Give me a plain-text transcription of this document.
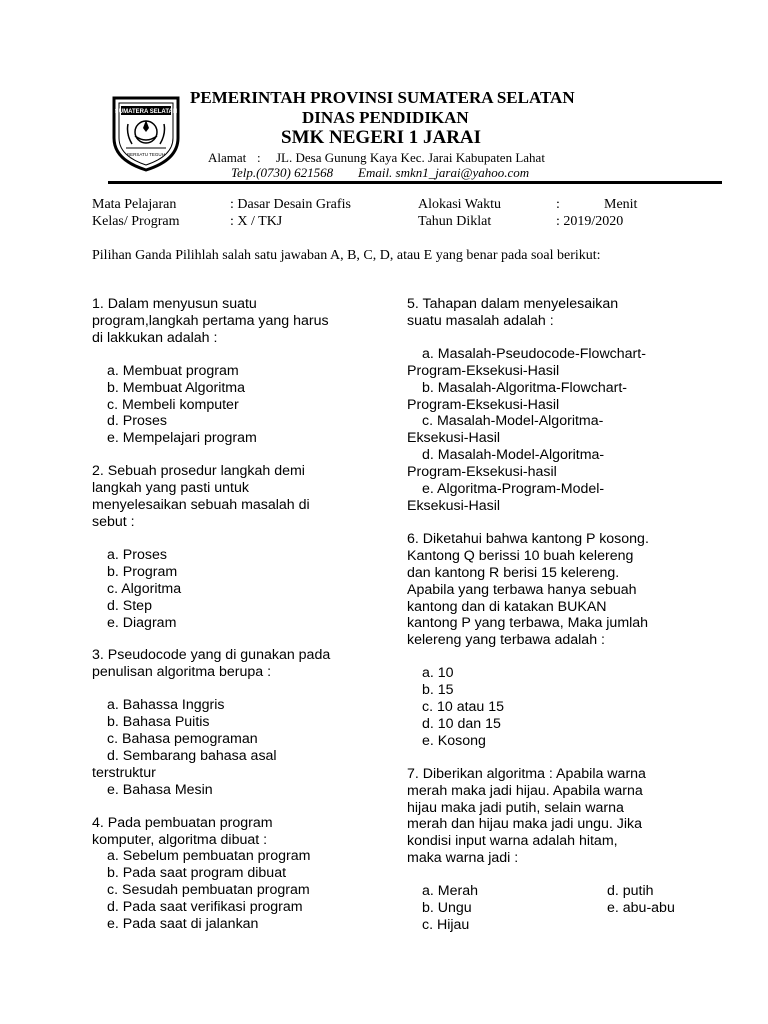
SUMATERA SELATAN
BERSATU TEGUH
PEMERINTAH PROVINSI SUMATERA SELATAN
DINAS PENDIDIKAN
SMK NEGERI 1 JARAI
Alamat : JL. Desa Gunung Kaya Kec. Jarai Kabupaten Lahat
Telp.(0730) 621568 Email. smkn1_jarai@yahoo.com
Mata Pelajaran	: Dasar Desain Grafis	Alokasi Waktu	:	Menit
Kelas/ Program	: X / TKJ	Tahun Diklat	: 2019/2020
Pilihan Ganda Pilihlah salah satu jawaban A, B, C, D, atau E yang benar pada soal berikut:
1. Dalam menyusun suatu
program,langkah pertama yang harus
di lakkukan adalah :
a. Membuat program
b. Membuat Algoritma
c. Membeli komputer
d. Proses
e. Mempelajari program
2. Sebuah prosedur langkah demi
langkah yang pasti untuk
menyelesaikan sebuah masalah di
sebut :
a. Proses
b. Program
c. Algoritma
d. Step
e. Diagram
3. Pseudocode yang di gunakan pada
penulisan algoritma berupa :
a. Bahassa Inggris
b. Bahasa Puitis
c. Bahasa pemograman
d. Sembarang bahasa asal
terstruktur
e. Bahasa Mesin
4. Pada pembuatan program
komputer, algoritma dibuat :
a. Sebelum pembuatan program
b. Pada saat program dibuat
c. Sesudah pembuatan program
d. Pada saat verifikasi program
e. Pada saat di jalankan
5. Tahapan dalam menyelesaikan
suatu masalah adalah :
a. Masalah-Pseudocode-Flowchart-
Program-Eksekusi-Hasil
b. Masalah-Algoritma-Flowchart-
Program-Eksekusi-Hasil
c. Masalah-Model-Algoritma-
Eksekusi-Hasil
d. Masalah-Model-Algoritma-
Program-Eksekusi-hasil
e. Algoritma-Program-Model-
Eksekusi-Hasil
6. Diketahui bahwa kantong P kosong.
Kantong Q berissi 10 buah kelereng
dan kantong R berisi 15 kelereng.
Apabila yang terbawa hanya sebuah
kantong dan di katakan BUKAN
kantong P yang terbawa, Maka jumlah
kelereng yang terbawa adalah :
a. 10
b. 15
c. 10 atau 15
d. 10 dan 15
e. Kosong
7. Diberikan algoritma : Apabila warna
merah maka jadi hijau. Apabila warna
hijau maka jadi putih, selain warna
merah dan hijau maka jadi ungu. Jika
kondisi input warna adalah hitam,
maka warna jadi :
a. Merah	d. putih
b. Ungu	e. abu-abu
c. Hijau
